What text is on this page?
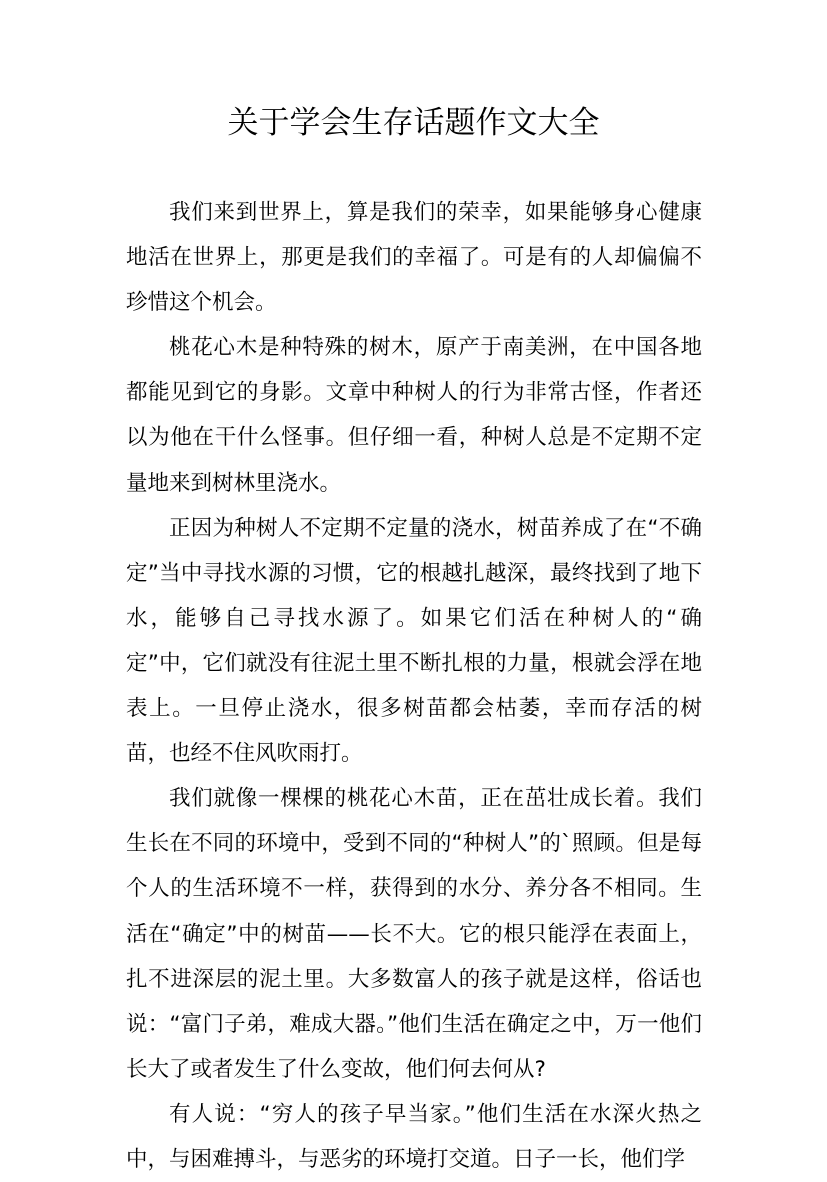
关于学会生存话题作文大全

我们来到世界上，算是我们的荣幸，如果能够身心健康地活在世界上，那更是我们的幸福了。可是有的人却偏偏不珍惜这个机会。

桃花心木是种特殊的树木，原产于南美洲，在中国各地都能见到它的身影。文章中种树人的行为非常古怪，作者还以为他在干什么怪事。但仔细一看，种树人总是不定期不定量地来到树林里浇水。

正因为种树人不定期不定量的浇水，树苗养成了在“不确定”当中寻找水源的习惯，它的根越扎越深，最终找到了地下水，能够自己寻找水源了。如果它们活在种树人的“确定”中，它们就没有往泥土里不断扎根的力量，根就会浮在地表上。一旦停止浇水，很多树苗都会枯萎，幸而存活的树苗，也经不住风吹雨打。

我们就像一棵棵的桃花心木苗，正在茁壮成长着。我们生长在不同的环境中，受到不同的“种树人”的`照顾。但是每个人的生活环境不一样，获得到的水分、养分各不相同。生活在“确定”中的树苗——长不大。它的根只能浮在表面上，扎不进深层的泥土里。大多数富人的孩子就是这样，俗话也说：“富门子弟，难成大器。”他们生活在确定之中，万一他们长大了或者发生了什么变故，他们何去何从?

有人说：“穷人的孩子早当家。”他们生活在水深火热之中，与困难搏斗，与恶劣的环境打交道。日子一长，他们学
